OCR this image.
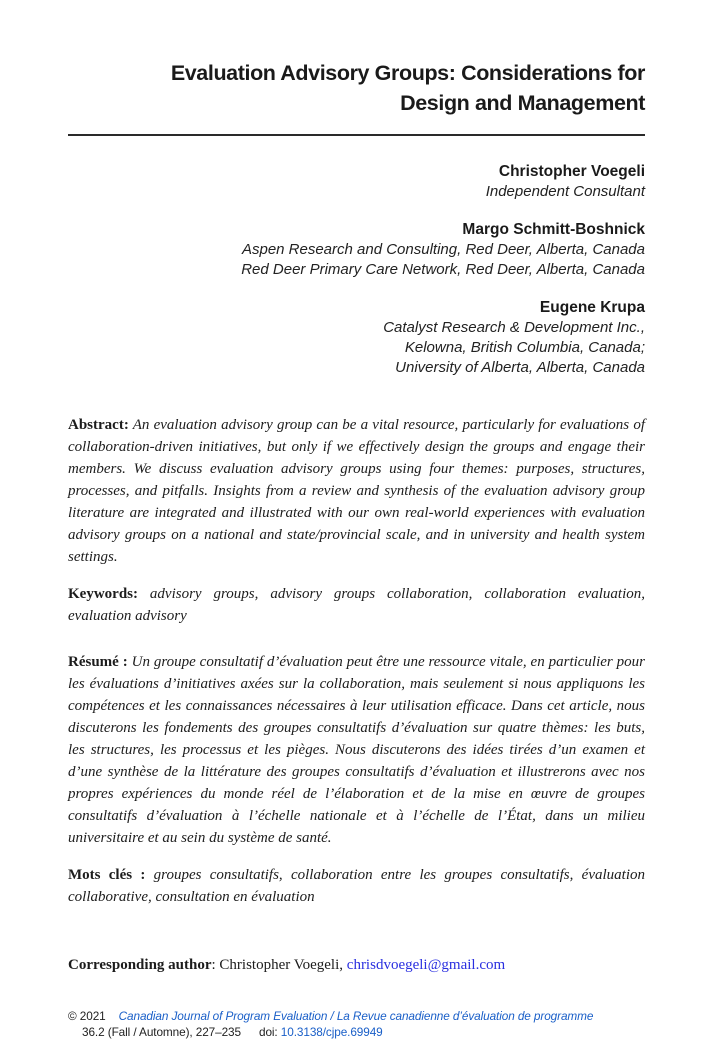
Evaluation Advisory Groups: Considerations for
Design and Management
Christopher Voegeli
Independent Consultant
Margo Schmitt-Boshnick
Aspen Research and Consulting, Red Deer, Alberta, Canada
Red Deer Primary Care Network, Red Deer, Alberta, Canada
Eugene Krupa
Catalyst Research & Development Inc.,
Kelowna, British Columbia, Canada;
University of Alberta, Alberta, Canada

Abstract: An evaluation advisory group can be a vital resource, particularly for evaluations of collaboration-driven initiatives, but only if we effectively design the groups and engage their members. We discuss evaluation advisory groups using four themes: purposes, structures, processes, and pitfalls. Insights from a review and synthesis of the evaluation advisory group literature are integrated and illustrated with our own real-world experiences with evaluation advisory groups on a national and state/provincial scale, and in university and health system settings.

Keywords: advisory groups, advisory groups collaboration, collaboration evaluation, evaluation advisory

Résumé : Un groupe consultatif d’évaluation peut être une ressource vitale, en particulier pour les évaluations d’initiatives axées sur la collaboration, mais seulement si nous appliquons les compétences et les connaissances nécessaires à leur utilisation efficace. Dans cet article, nous discuterons les fondements des groupes consultatifs d’évaluation sur quatre thèmes: les buts, les structures, les processus et les pièges. Nous discuterons des idées tirées d’un examen et d’une synthèse de la littérature des groupes consultatifs d’évaluation et illustrerons avec nos propres expériences du monde réel de l’élaboration et de la mise en œuvre de groupes consultatifs d’évaluation à l’échelle nationale et à l’échelle de l’État, dans un milieu universitaire et au sein du système de santé.

Mots clés : groupes consultatifs, collaboration entre les groupes consultatifs, évaluation collaborative, consultation en évaluation

Corresponding author: Christopher Voegeli, chrisdvoegeli@gmail.com

© 2021 Canadian Journal of Program Evaluation / La Revue canadienne d’évaluation de programme
36.2 (Fall / Automne), 227–235 doi: 10.3138/cjpe.69949
